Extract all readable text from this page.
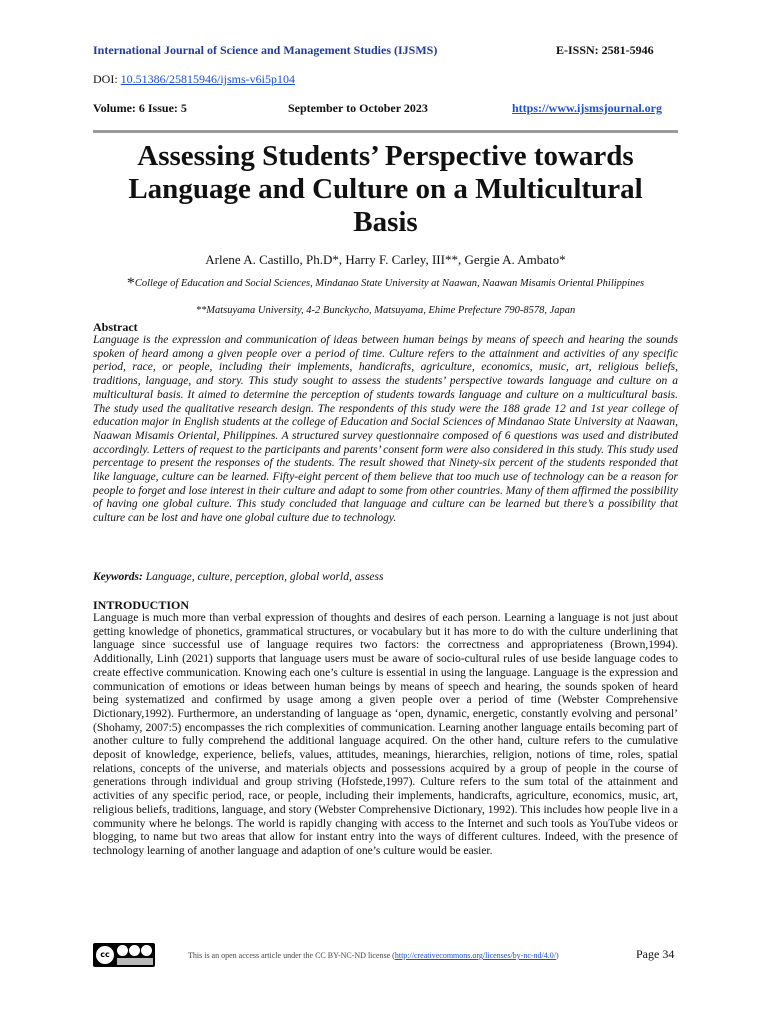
International Journal of Science and Management Studies (IJSMS)	E-ISSN: 2581-5946
DOI: 10.51386/25815946/ijsms-v6i5p104
Volume: 6 Issue: 5	September to October 2023	https://www.ijsmsjournal.org
Assessing Students’ Perspective towards Language and Culture on a Multicultural Basis
Arlene A. Castillo, Ph.D*, Harry F. Carley, III**, Gergie A. Ambato*
*College of Education and Social Sciences, Mindanao State University at Naawan, Naawan Misamis Oriental Philippines
**Matsuyama University, 4-2 Bunckycho, Matsuyama, Ehime Prefecture 790-8578, Japan
Abstract
Language is the expression and communication of ideas between human beings by means of speech and hearing the sounds spoken of heard among a given people over a period of time. Culture refers to the attainment and activities of any specific period, race, or people, including their implements, handicrafts, agriculture, economics, music, art, religious beliefs, traditions, language, and story. This study sought to assess the students’ perspective towards language and culture on a multicultural basis. It aimed to determine the perception of students towards language and culture on a multicultural basis. The study used the qualitative research design. The respondents of this study were the 188 grade 12 and 1st year college of education major in English students at the college of Education and Social Sciences of Mindanao State University at Naawan, Naawan Misamis Oriental, Philippines. A structured survey questionnaire composed of 6 questions was used and distributed accordingly. Letters of request to the participants and parents’ consent form were also considered in this study. This study used percentage to present the responses of the students. The result showed that Ninety-six percent of the students responded that like language, culture can be learned. Fifty-eight percent of them believe that too much use of technology can be a reason for people to forget and lose interest in their culture and adapt to some from other countries. Many of them affirmed the possibility of having one global culture. This study concluded that language and culture can be learned but there’s a possibility that culture can be lost and have one global culture due to technology.
Keywords: Language, culture, perception, global world, assess
INTRODUCTION
Language is much more than verbal expression of thoughts and desires of each person. Learning a language is not just about getting knowledge of phonetics, grammatical structures, or vocabulary but it has more to do with the culture underlining that language since successful use of language requires two factors: the correctness and appropriateness (Brown,1994). Additionally, Linh (2021) supports that language users must be aware of socio-cultural rules of use beside language codes to create effective communication. Knowing each one’s culture is essential in using the language. Language is the expression and communication of emotions or ideas between human beings by means of speech and hearing, the sounds spoken of heard being systematized and confirmed by usage among a given people over a period of time (Webster Comprehensive Dictionary,1992). Furthermore, an understanding of language as ‘open, dynamic, energetic, constantly evolving and personal’ (Shohamy, 2007:5) encompasses the rich complexities of communication. Learning another language entails becoming part of another culture to fully comprehend the additional language acquired. On the other hand, culture refers to the cumulative deposit of knowledge, experience, beliefs, values, attitudes, meanings, hierarchies, religion, notions of time, roles, spatial relations, concepts of the universe, and materials objects and possessions acquired by a group of people in the course of generations through individual and group striving (Hofstede,1997). Culture refers to the sum total of the attainment and activities of any specific period, race, or people, including their implements, handicrafts, agriculture, economics, music, art, religious beliefs, traditions, language, and story (Webster Comprehensive Dictionary, 1992). This includes how people live in a community where he belongs. The world is rapidly changing with access to the Internet and such tools as YouTube videos or blogging, to name but two areas that allow for instant entry into the ways of different cultures. Indeed, with the presence of technology learning of another language and adaption of one’s culture would be easier.
cc	This is an open access article under the CC BY-NC-ND license (http://creativecommons.org/licenses/by-nc-nd/4.0/)	Page 34
